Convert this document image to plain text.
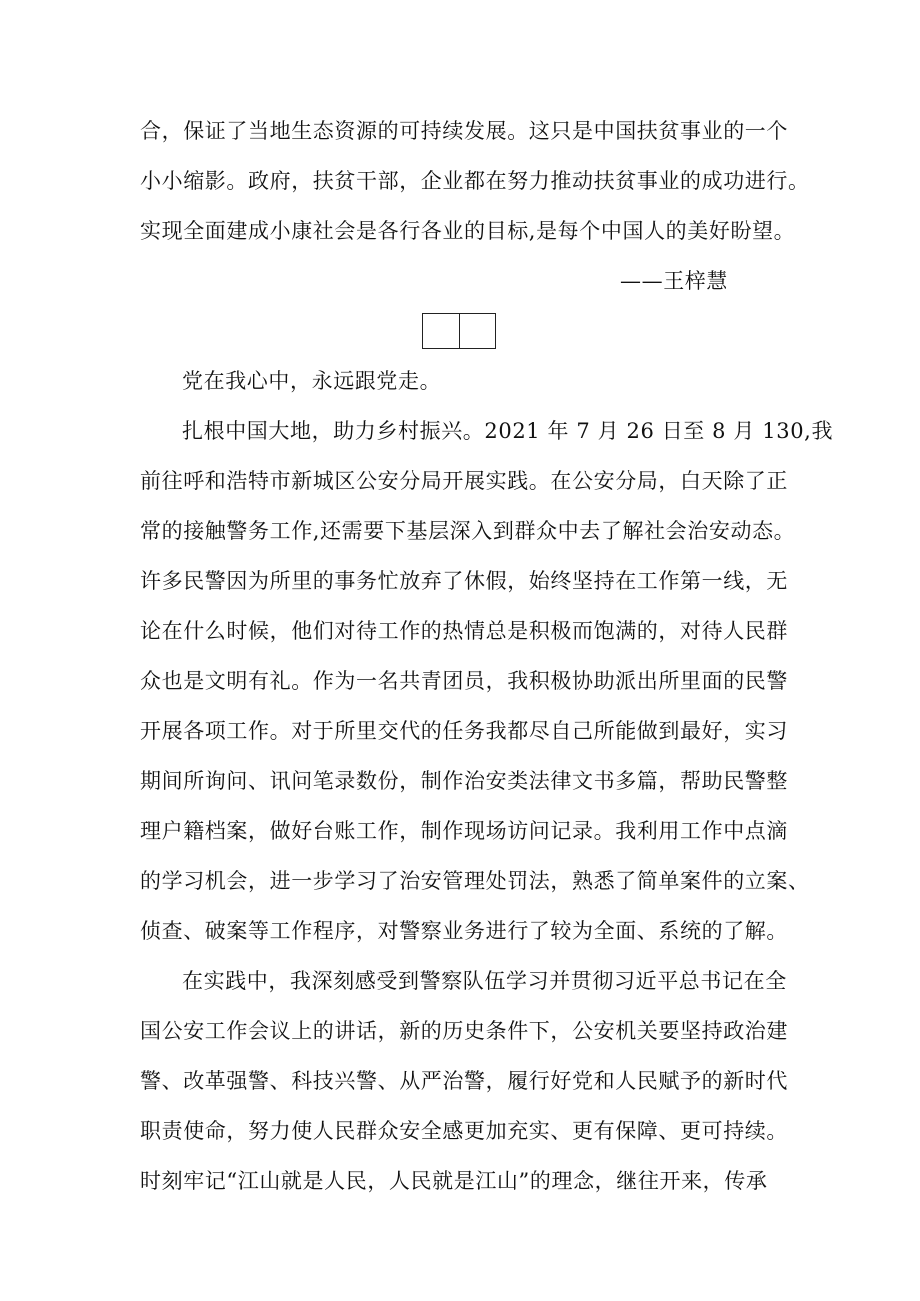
合，保证了当地生态资源的可持续发展。这只是中国扶贫事业的一个
小小缩影。政府，扶贫干部，企业都在努力推动扶贫事业的成功进行。
实现全面建成小康社会是各行各业的目标,是每个中国人的美好盼望。
——王梓慧
党在我心中，永远跟党走。
扎根中国大地，助力乡村振兴。2021 年 7 月 26 日至 8 月 130,我
前往呼和浩特市新城区公安分局开展实践。在公安分局，白天除了正
常的接触警务工作,还需要下基层深入到群众中去了解社会治安动态。
许多民警因为所里的事务忙放弃了休假，始终坚持在工作第一线，无
论在什么时候，他们对待工作的热情总是积极而饱满的，对待人民群
众也是文明有礼。作为一名共青团员，我积极协助派出所里面的民警
开展各项工作。对于所里交代的任务我都尽自己所能做到最好，实习
期间所询问、讯问笔录数份，制作治安类法律文书多篇，帮助民警整
理户籍档案，做好台账工作，制作现场访问记录。我利用工作中点滴
的学习机会，进一步学习了治安管理处罚法，熟悉了简单案件的立案、
侦查、破案等工作程序，对警察业务进行了较为全面、系统的了解。
在实践中，我深刻感受到警察队伍学习并贯彻习近平总书记在全
国公安工作会议上的讲话，新的历史条件下，公安机关要坚持政治建
警、改革强警、科技兴警、从严治警，履行好党和人民赋予的新时代
职责使命，努力使人民群众安全感更加充实、更有保障、更可持续。
时刻牢记“江山就是人民，人民就是江山”的理念，继往开来，传承
